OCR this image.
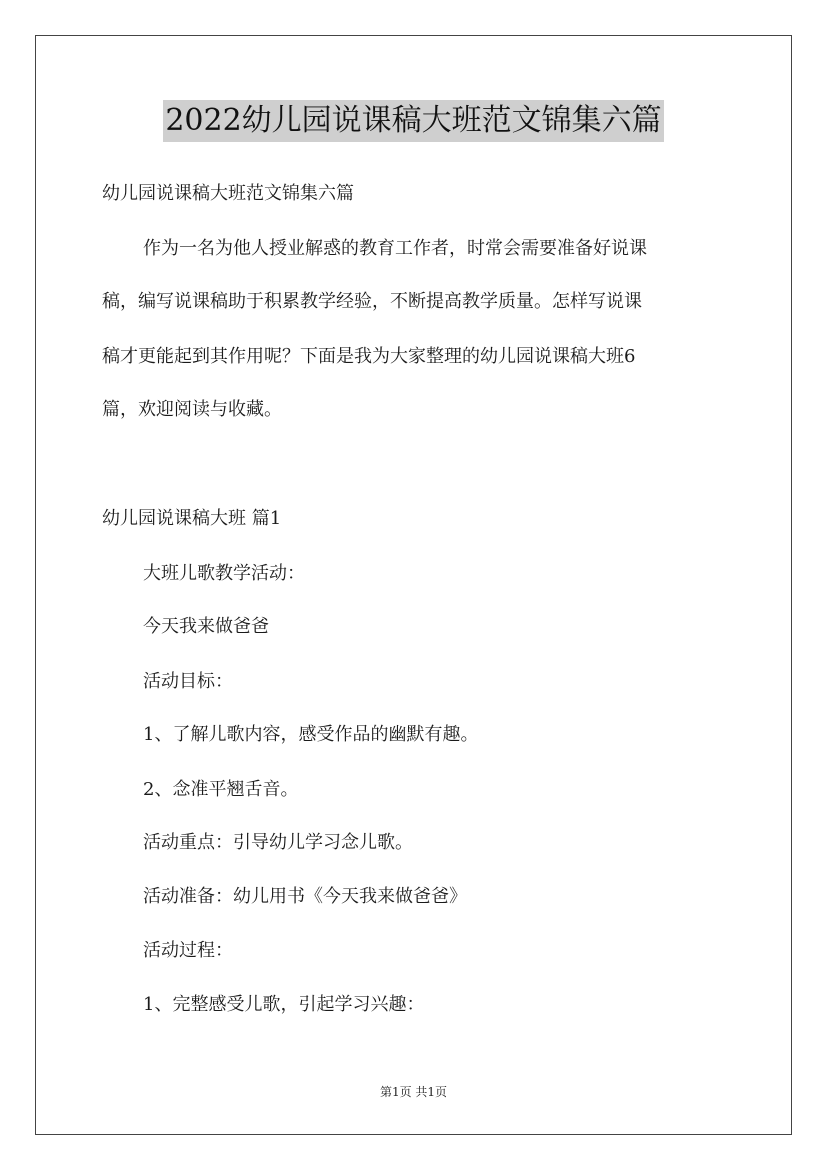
2022幼儿园说课稿大班范文锦集六篇
幼儿园说课稿大班范文锦集六篇
作为一名为他人授业解惑的教育工作者，时常会需要准备好说课
稿，编写说课稿助于积累教学经验，不断提高教学质量。怎样写说课
稿才更能起到其作用呢？下面是我为大家整理的幼儿园说课稿大班6
篇，欢迎阅读与收藏。
幼儿园说课稿大班 篇1
大班儿歌教学活动：
今天我来做爸爸
活动目标：
1、了解儿歌内容，感受作品的幽默有趣。
2、念准平翘舌音。
活动重点：引导幼儿学习念儿歌。
活动准备：幼儿用书《今天我来做爸爸》
活动过程：
1、完整感受儿歌，引起学习兴趣：
第1页 共1页
